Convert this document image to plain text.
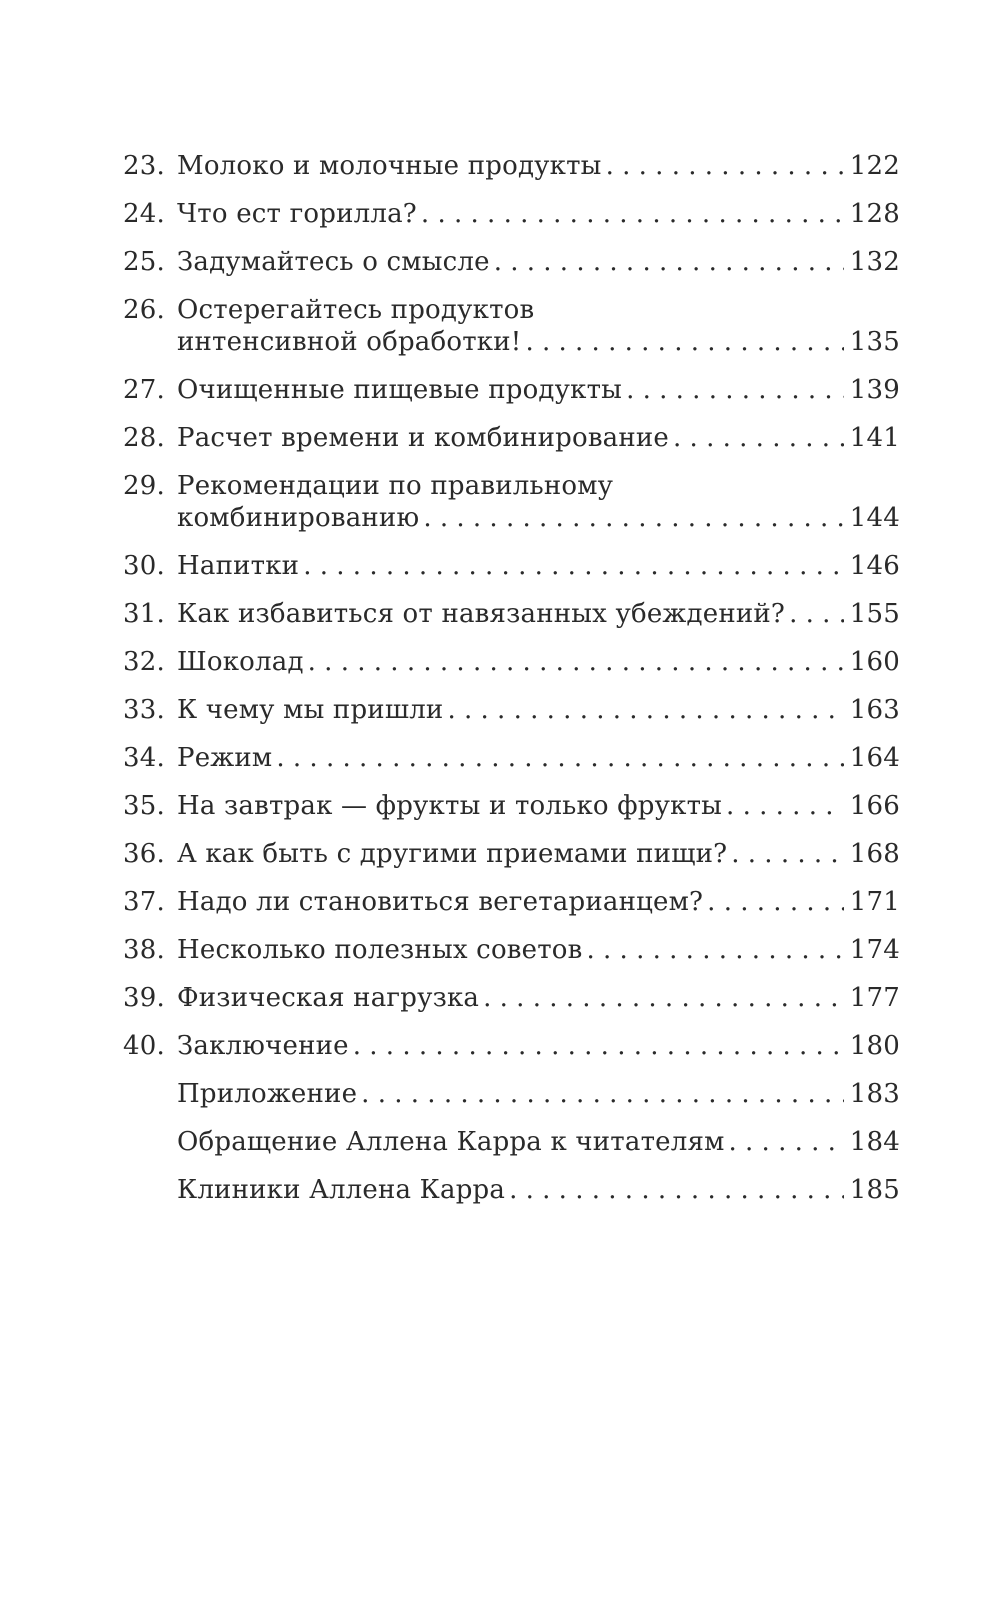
23. Молоко и молочные продукты . . .	122
24. Что ест горилла? . . .	128
25. Задумайтесь о смысле . . .	132
26. Остерегайтесь продуктов
интенсивной обработки! . . .	135
27. Очищенные пищевые продукты . . .	139
28. Расчет времени и комбинирование . . .	141
29. Рекомендации по правильному
комбинированию . . .	144
30. Напитки . . .	146
31. Как избавиться от навязанных убеждений? . . . 155
32. Шоколад . . .	160
33. К чему мы пришли . . .	163
34. Режим . . .	164
35. На завтрак — фрукты и только фрукты . . .	166
36. А как быть с другими приемами пищи? . . .	168
37. Надо ли становиться вегетарианцем? . . .	171
38. Несколько полезных советов . . .	174
39. Физическая нагрузка . . .	177
40. Заключение . . .	180
Приложение . . .	183
Обращение Аллена Карра к читателям . . .	184
Клиники Аллена Карра . . .	185
